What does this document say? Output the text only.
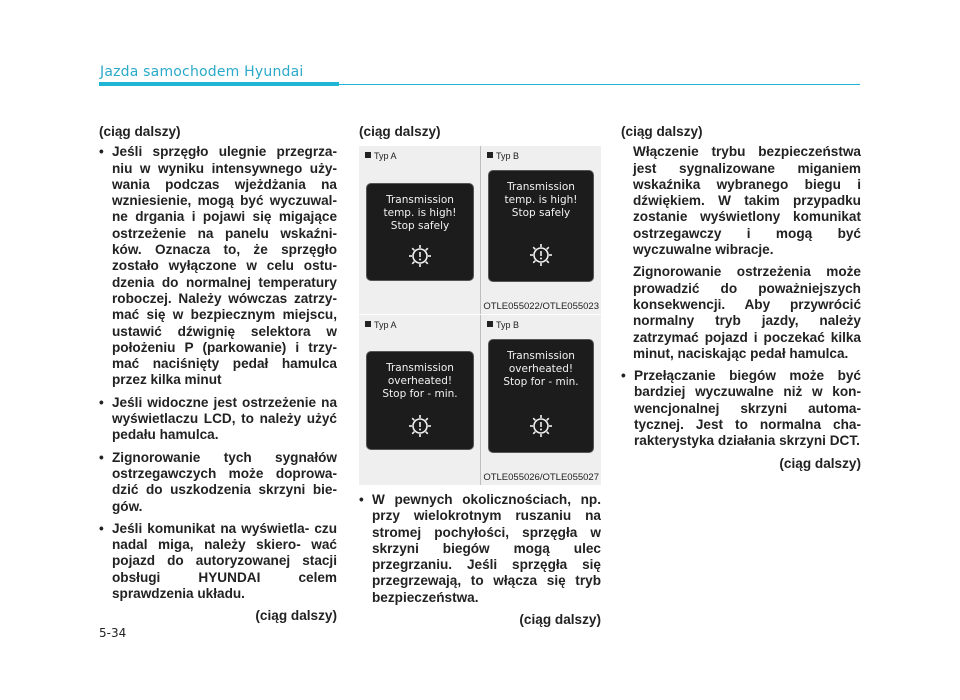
Jazda samochodem Hyundai

(ciąg dalszy)

• Jeśli sprzęgło ulegnie przegrza- niu w wyniku intensywnego uży- wania podczas wjeżdżania na wzniesienie, mogą być wyczuwal- ne drgania i pojawi się migające ostrzeżenie na panelu wskaźni- ków. Oznacza to, że sprzęgło zostało wyłączone w celu ostu- dzenia do normalnej temperatury roboczej. Należy wówczas zatrzy- mać się w bezpiecznym miejscu, ustawić dźwignię selektora w położeniu P (parkowanie) i trzy- mać naciśnięty pedał hamulca przez kilka minut

• Jeśli widoczne jest ostrzeżenie na wyświetlaczu LCD, to należy użyć pedału hamulca.

• Zignorowanie tych sygnałów ostrzegawczych może doprowa- dzić do uszkodzenia skrzyni bie- gów.

• Jeśli komunikat na wyświetla- czu nadal miga, należy skiero- wać pojazd do autoryzowanej stacji obsługi HYUNDAI celem sprawdzenia układu.

(ciąg dalszy)

(ciąg dalszy)

Typ A	Typ B
Transmission
temp. is high!
Stop safely
Transmission
temp. is high!
Stop safely
OTLE055022/OTLE055023
Typ A	Typ B
Transmission
overheated!
Stop for - min.
Transmission
overheated!
Stop for - min.
OTLE055026/OTLE055027

• W pewnych okolicznościach, np. przy wielokrotnym ruszaniu na stromej pochyłości, sprzęgła w skrzyni biegów mogą ulec przegrzaniu. Jeśli sprzęgła się przegrzewają, to włącza się tryb bezpieczeństwa.

(ciąg dalszy)

(ciąg dalszy)

Włączenie trybu bezpieczeństwa jest sygnalizowane miganiem wskaźnika wybranego biegu i dźwiękiem. W takim przypadku zostanie wyświetlony komunikat ostrzegawczy i mogą być wyczuwalne wibracje.

Zignorowanie ostrzeżenia może prowadzić do poważniejszych konsekwencji. Aby przywrócić normalny tryb jazdy, należy zatrzymać pojazd i poczekać kilka minut, naciskając pedał hamulca.

• Przełączanie biegów może być bardziej wyczuwalne niż w kon- wencjonalnej skrzyni automa- tycznej. Jest to normalna cha- rakterystyka działania skrzyni DCT.

(ciąg dalszy)

5-34
